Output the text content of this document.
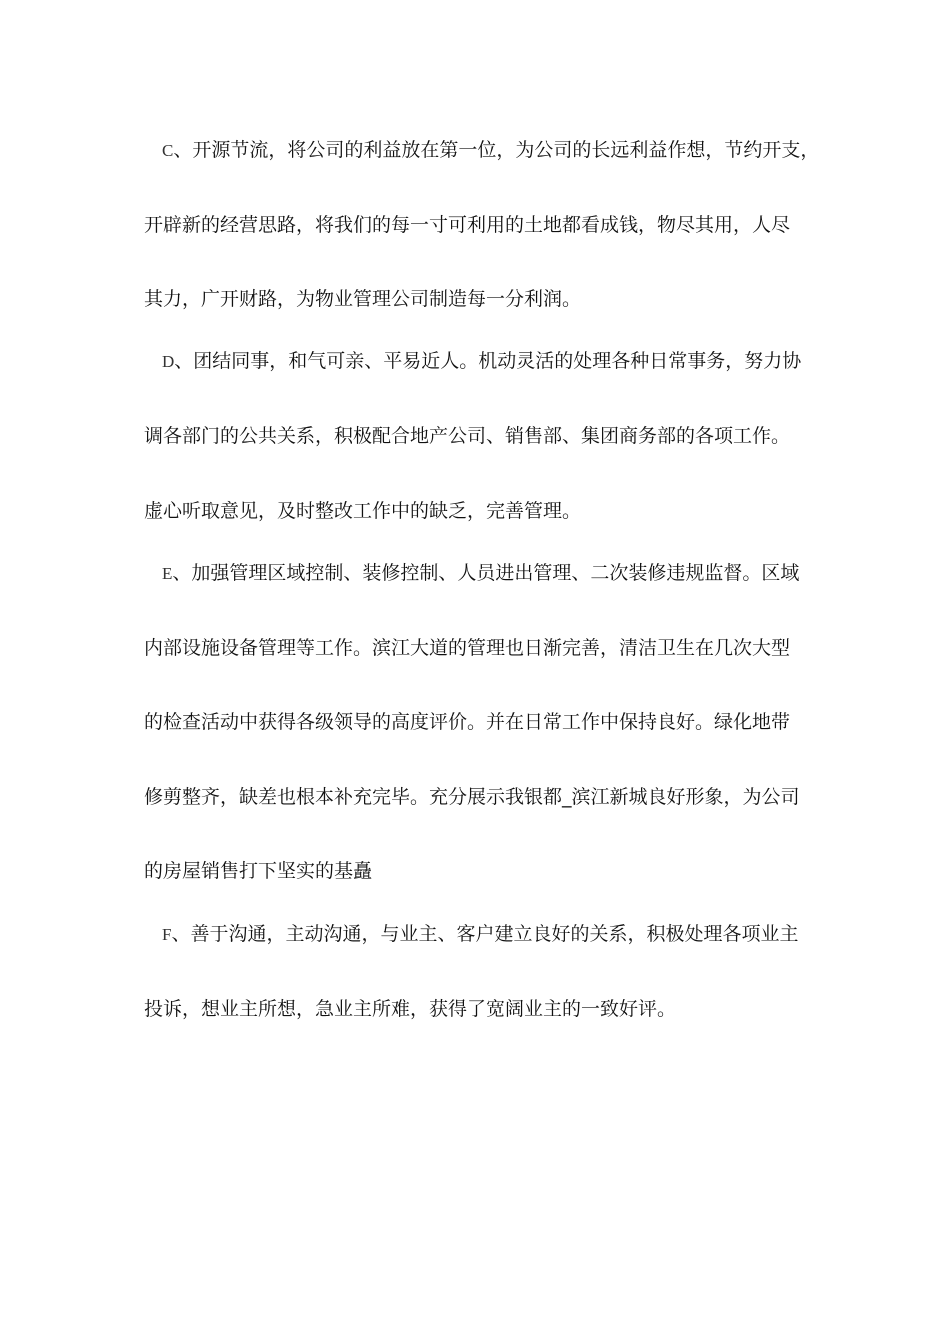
C、开源节流，将公司的利益放在第一位，为公司的长远利益作想，节约开支，
开辟新的经营思路，将我们的每一寸可利用的土地都看成钱，物尽其用，人尽
其力，广开财路，为物业管理公司制造每一分利润。
D、团结同事，和气可亲、平易近人。机动灵活的处理各种日常事务，努力协
调各部门的公共关系，积极配合地产公司、销售部、集团商务部的各项工作。
虚心听取意见，及时整改工作中的缺乏，完善管理。
E、加强管理区域控制、装修控制、人员进出管理、二次装修违规监督。区域
内部设施设备管理等工作。滨江大道的管理也日渐完善，清洁卫生在几次大型
的检查活动中获得各级领导的高度评价。并在日常工作中保持良好。绿化地带
修剪整齐，缺差也根本补充完毕。充分展示我银都_滨江新城良好形象，为公司
的房屋销售打下坚实的基矗
F、善于沟通，主动沟通，与业主、客户建立良好的关系，积极处理各项业主
投诉，想业主所想，急业主所难，获得了宽阔业主的一致好评。
